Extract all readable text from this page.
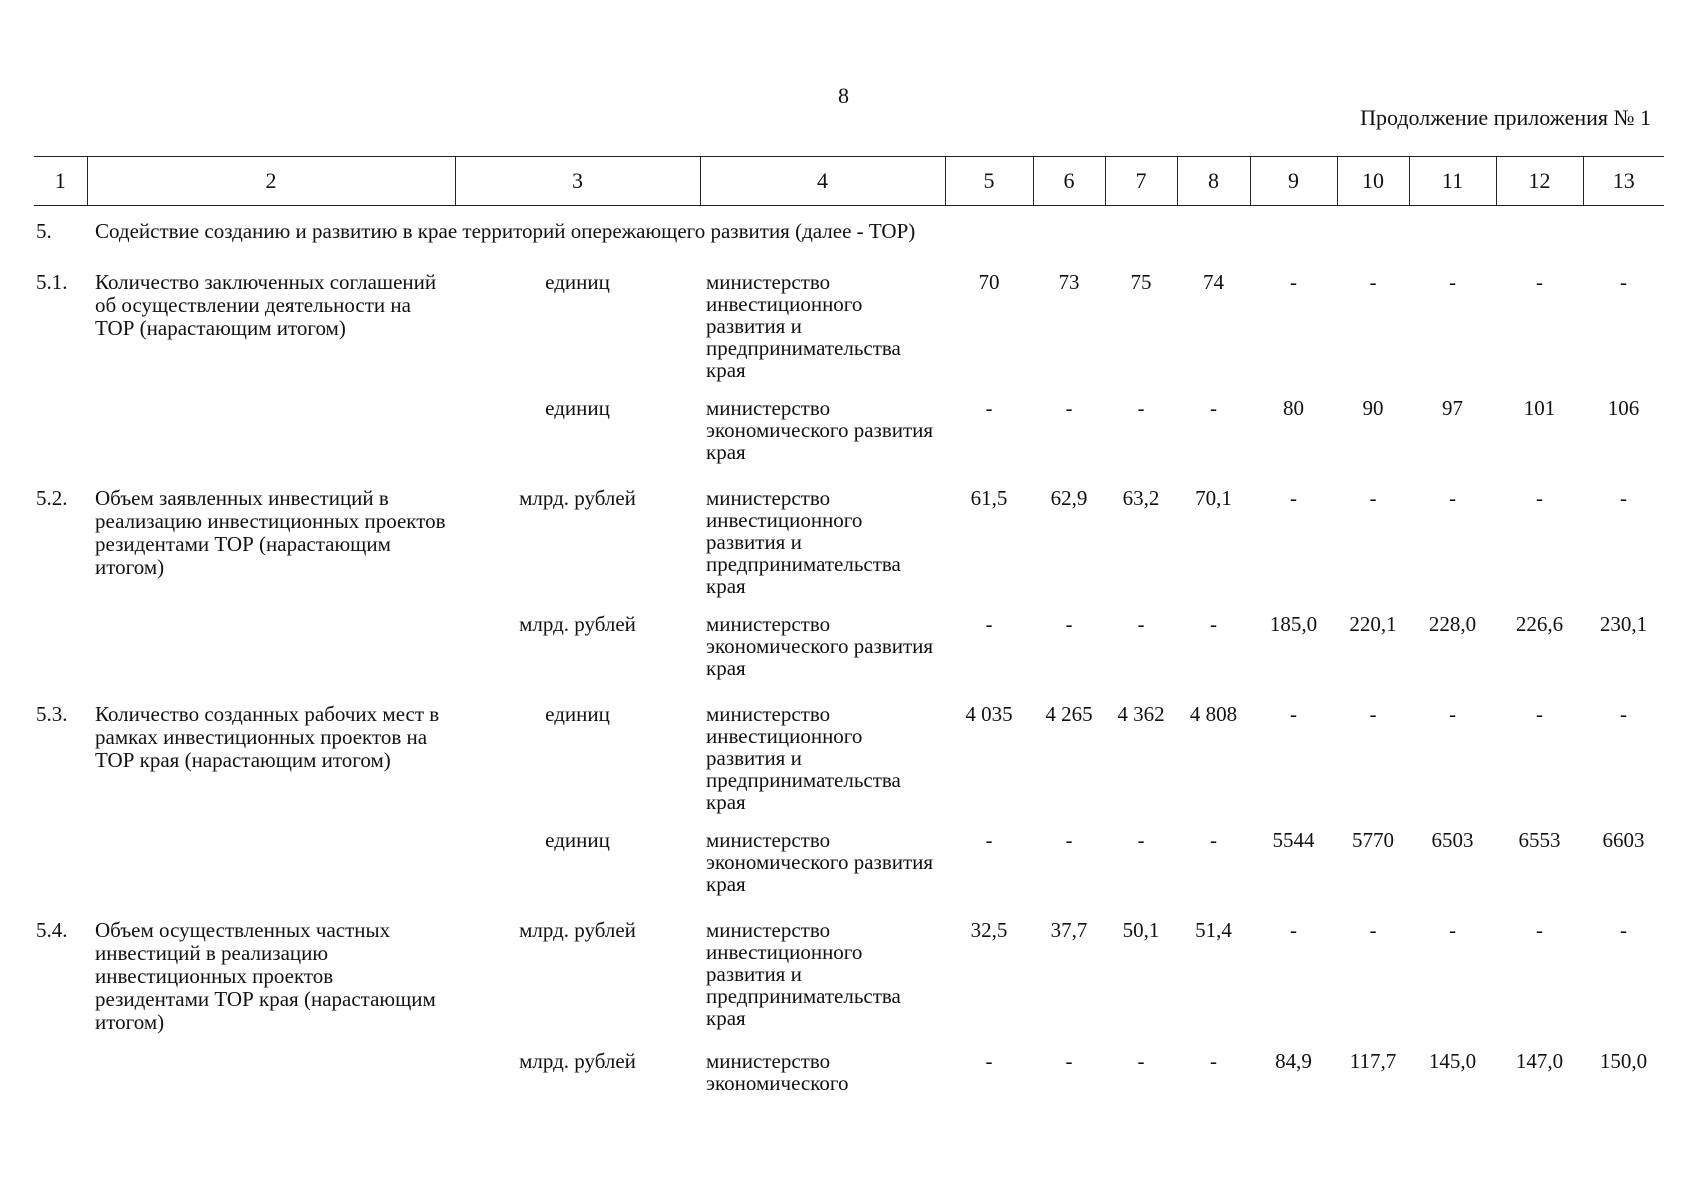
8
Продолжение приложения № 1
1	2	3	4	5	6	7	8	9	10	11	12	13
5.	Содействие созданию и развитию в крае территорий опережающего развития (далее - ТОР)											
5.1.	Количество заключенных соглашений об осуществлении деятельности на ТОР (нарастающим итогом)	единиц	министерство инвестиционного развития и предпринимательства края	70	73	75	74	-	-	-	-	-
		единиц	министерство экономического развития края	-	-	-	-	80	90	97	101	106
5.2.	Объем заявленных инвестиций в реализацию инвестиционных проектов резидентами ТОР (нарастающим итогом)	млрд. рублей	министерство инвестиционного развития и предпринимательства края	61,5	62,9	63,2	70,1	-	-	-	-	-
		млрд. рублей	министерство экономического развития края	-	-	-	-	185,0	220,1	228,0	226,6	230,1
5.3.	Количество созданных рабочих мест в рамках инвестиционных проектов на ТОР края (нарастающим итогом)	единиц	министерство инвестиционного развития и предпринимательства края	4 035	4 265	4 362	4 808	-	-	-	-	-
		единиц	министерство экономического развития края	-	-	-	-	5544	5770	6503	6553	6603
5.4.	Объем осуществленных частных инвестиций в реализацию инвестиционных проектов резидентами ТОР края (нарастающим итогом)	млрд. рублей	министерство инвестиционного развития и предпринимательства края	32,5	37,7	50,1	51,4	-	-	-	-	-
		млрд. рублей	министерство экономического	-	-	-	-	84,9	117,7	145,0	147,0	150,0
